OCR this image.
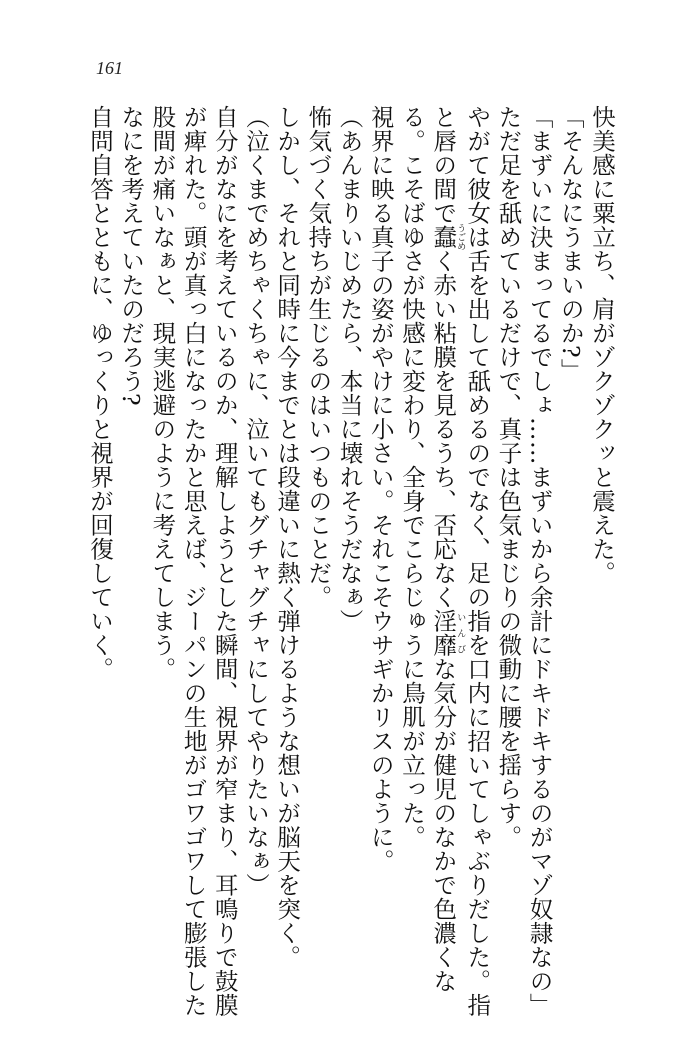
161

快美感に粟立ち、肩がゾクゾクッと震えた。

「そんなにうまいのか?」

「まずいに決まってるでしょ……まずいから余計にドキドキするのがマゾ奴隷なの」

ただ足を舐めているだけで、真子は色気まじりの微動に腰を揺らす。

やがて彼女は舌を出して舐めるのでなく、足の指を口内に招いてしゃぶりだした。指と唇の間で蠢うごめく赤い粘膜を見るうち、否応なく淫靡いんびな気分が健児のなかで色濃くなる。こそばゆさが快感に変わり、全身でこらじゅうに鳥肌が立った。

視界に映る真子の姿がやけに小さい。それこそウサギかリスのように。

（あんまりいじめたら、本当に壊れそうだなぁ）

怖気づく気持ちが生じるのはいつものことだ。

しかし、それと同時に今までとは段違いに熱く弾けるような想いが脳天を突く。

（泣くまでめちゃくちゃに、泣いてもグチャグチャにしてやりたいなぁ）

自分がなにを考えているのか、理解しようとした瞬間、視界が窄まり、耳鳴りで鼓膜が痺れた。頭が真っ白になったかと思えば、ジーパンの生地がゴワゴワして膨張した股間が痛いなぁと、現実逃避のように考えてしまう。

なにを考えていたのだろう?

自問自答とともに、ゆっくりと視界が回復していく。
